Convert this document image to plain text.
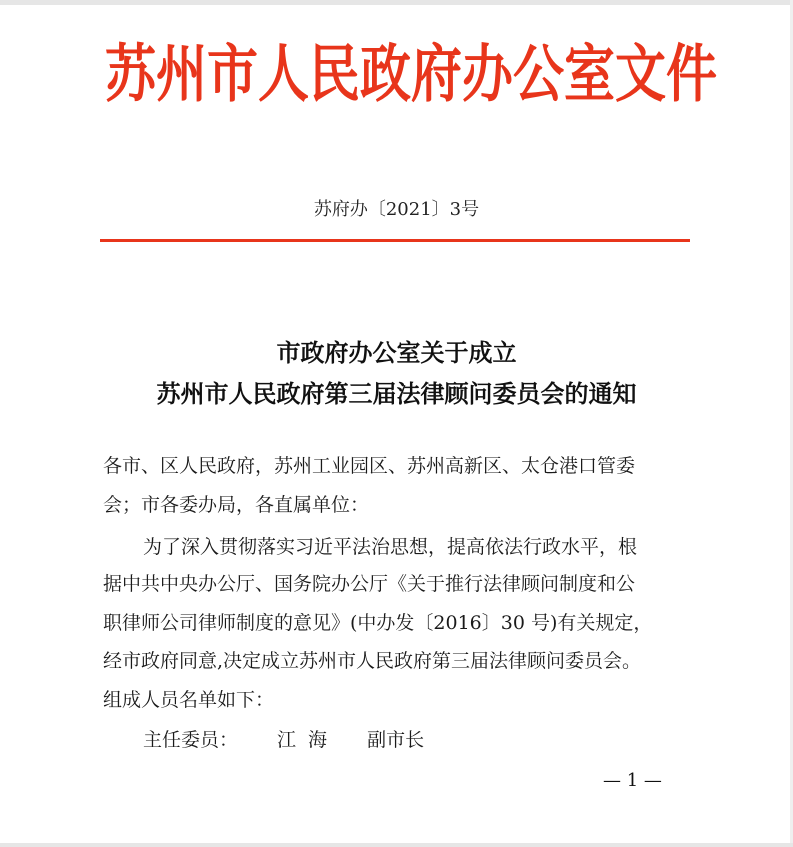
苏州市人民政府办公室文件
苏府办〔2021〕3号
市政府办公室关于成立
苏州市人民政府第三届法律顾问委员会的通知
各市、区人民政府，苏州工业园区、苏州高新区、太仓港口管委
会；市各委办局，各直属单位：
为了深入贯彻落实习近平法治思想，提高依法行政水平，根
据中共中央办公厅、国务院办公厅《关于推行法律顾问制度和公
职律师公司律师制度的意见》(中办发〔2016〕30 号)有关规定，
经市政府同意,决定成立苏州市人民政府第三届法律顾问委员会。
组成人员名单如下：
主任委员： 江海 副市长
— 1 —
